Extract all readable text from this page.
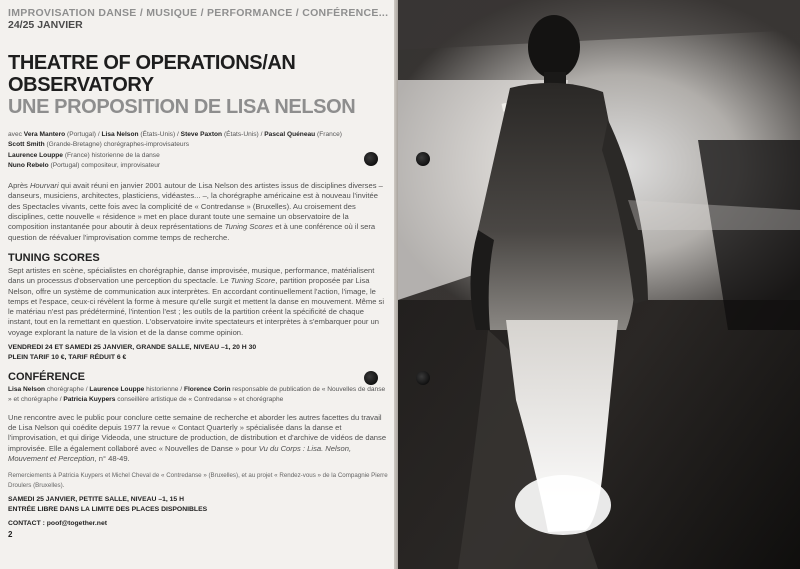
IMPROVISATION DANSE / MUSIQUE / PERFORMANCE / CONFÉRENCE...
24/25 JANVIER
THEATRE OF OPERATIONS/AN OBSERVATORY
UNE PROPOSITION DE LISA NELSON
avec Vera Mantero (Portugal) / Lisa Nelson (États-Unis) / Steve Paxton (États-Unis) / Pascal Quéneau (France)
Scott Smith (Grande-Bretagne) chorégraphes-improvisateurs
Laurence Louppe (France) historienne de la danse
Nuno Rebelo (Portugal) compositeur, improvisateur
Après Hourvari qui avait réuni en janvier 2001 autour de Lisa Nelson des artistes issus de disciplines diverses – danseurs, musiciens, architectes, plasticiens, vidéastes... –, la chorégraphe américaine est à nouveau l'invitée des Spectacles vivants, cette fois avec la complicité de « Contredanse » (Bruxelles). Au croisement des disciplines, cette nouvelle « résidence » met en place durant toute une semaine un observatoire de la composition instantanée pour aboutir à deux représentations de Tuning Scores et à une conférence où il sera question de réévaluer l'improvisation comme temps de recherche.
TUNING SCORES
Sept artistes en scène, spécialistes en chorégraphie, danse improvisée, musique, performance, matérialisent dans un processus d'observation une perception du spectacle. Le Tuning Score, partition proposée par Lisa Nelson, offre un système de communication aux interprètes. En accordant continuellement l'action, l'image, le temps et l'espace, ceux-ci révèlent la forme à mesure qu'elle surgit et mettent la danse en mouvement. Même si le matériau n'est pas prédéterminé, l'intention l'est ; les outils de la partition créent la spécificité de chaque instant, tout en la remettant en question. L'observatoire invite spectateurs et interprètes à s'embarquer pour un voyage explorant la nature de la vision et de la danse comme opinion.
VENDREDI 24 ET SAMEDI 25 JANVIER, GRANDE SALLE, NIVEAU –1, 20 H 30
PLEIN TARIF 10 €, TARIF RÉDUIT 6 €
CONFÉRENCE
Lisa Nelson chorégraphe / Laurence Louppe historienne / Florence Corin responsable de publication de « Nouvelles de danse » et chorégraphe / Patricia Kuypers conseillère artistique de « Contredanse » et chorégraphe
Une rencontre avec le public pour conclure cette semaine de recherche et aborder les autres facettes du travail de Lisa Nelson qui coédite depuis 1977 la revue « Contact Quarterly » spécialisée dans la danse et l'improvisation, et qui dirige Videoda, une structure de production, de distribution et d'archive de vidéos de danse improvisée. Elle a également collaboré avec « Nouvelles de Danse » pour Vu du Corps : Lisa. Nelson, Mouvement et Perception, n° 48-49.
Remerciements à Patricia Kuypers et Michel Cheval de « Contredanse » (Bruxelles), et au projet « Rendez-vous » de la Compagnie Pierre Droulers (Bruxelles).
SAMEDI 25 JANVIER, PETITE SALLE, NIVEAU –1, 15 H
ENTRÉE LIBRE DANS LA LIMITE DES PLACES DISPONIBLES
CONTACT : poof@together.net
2
